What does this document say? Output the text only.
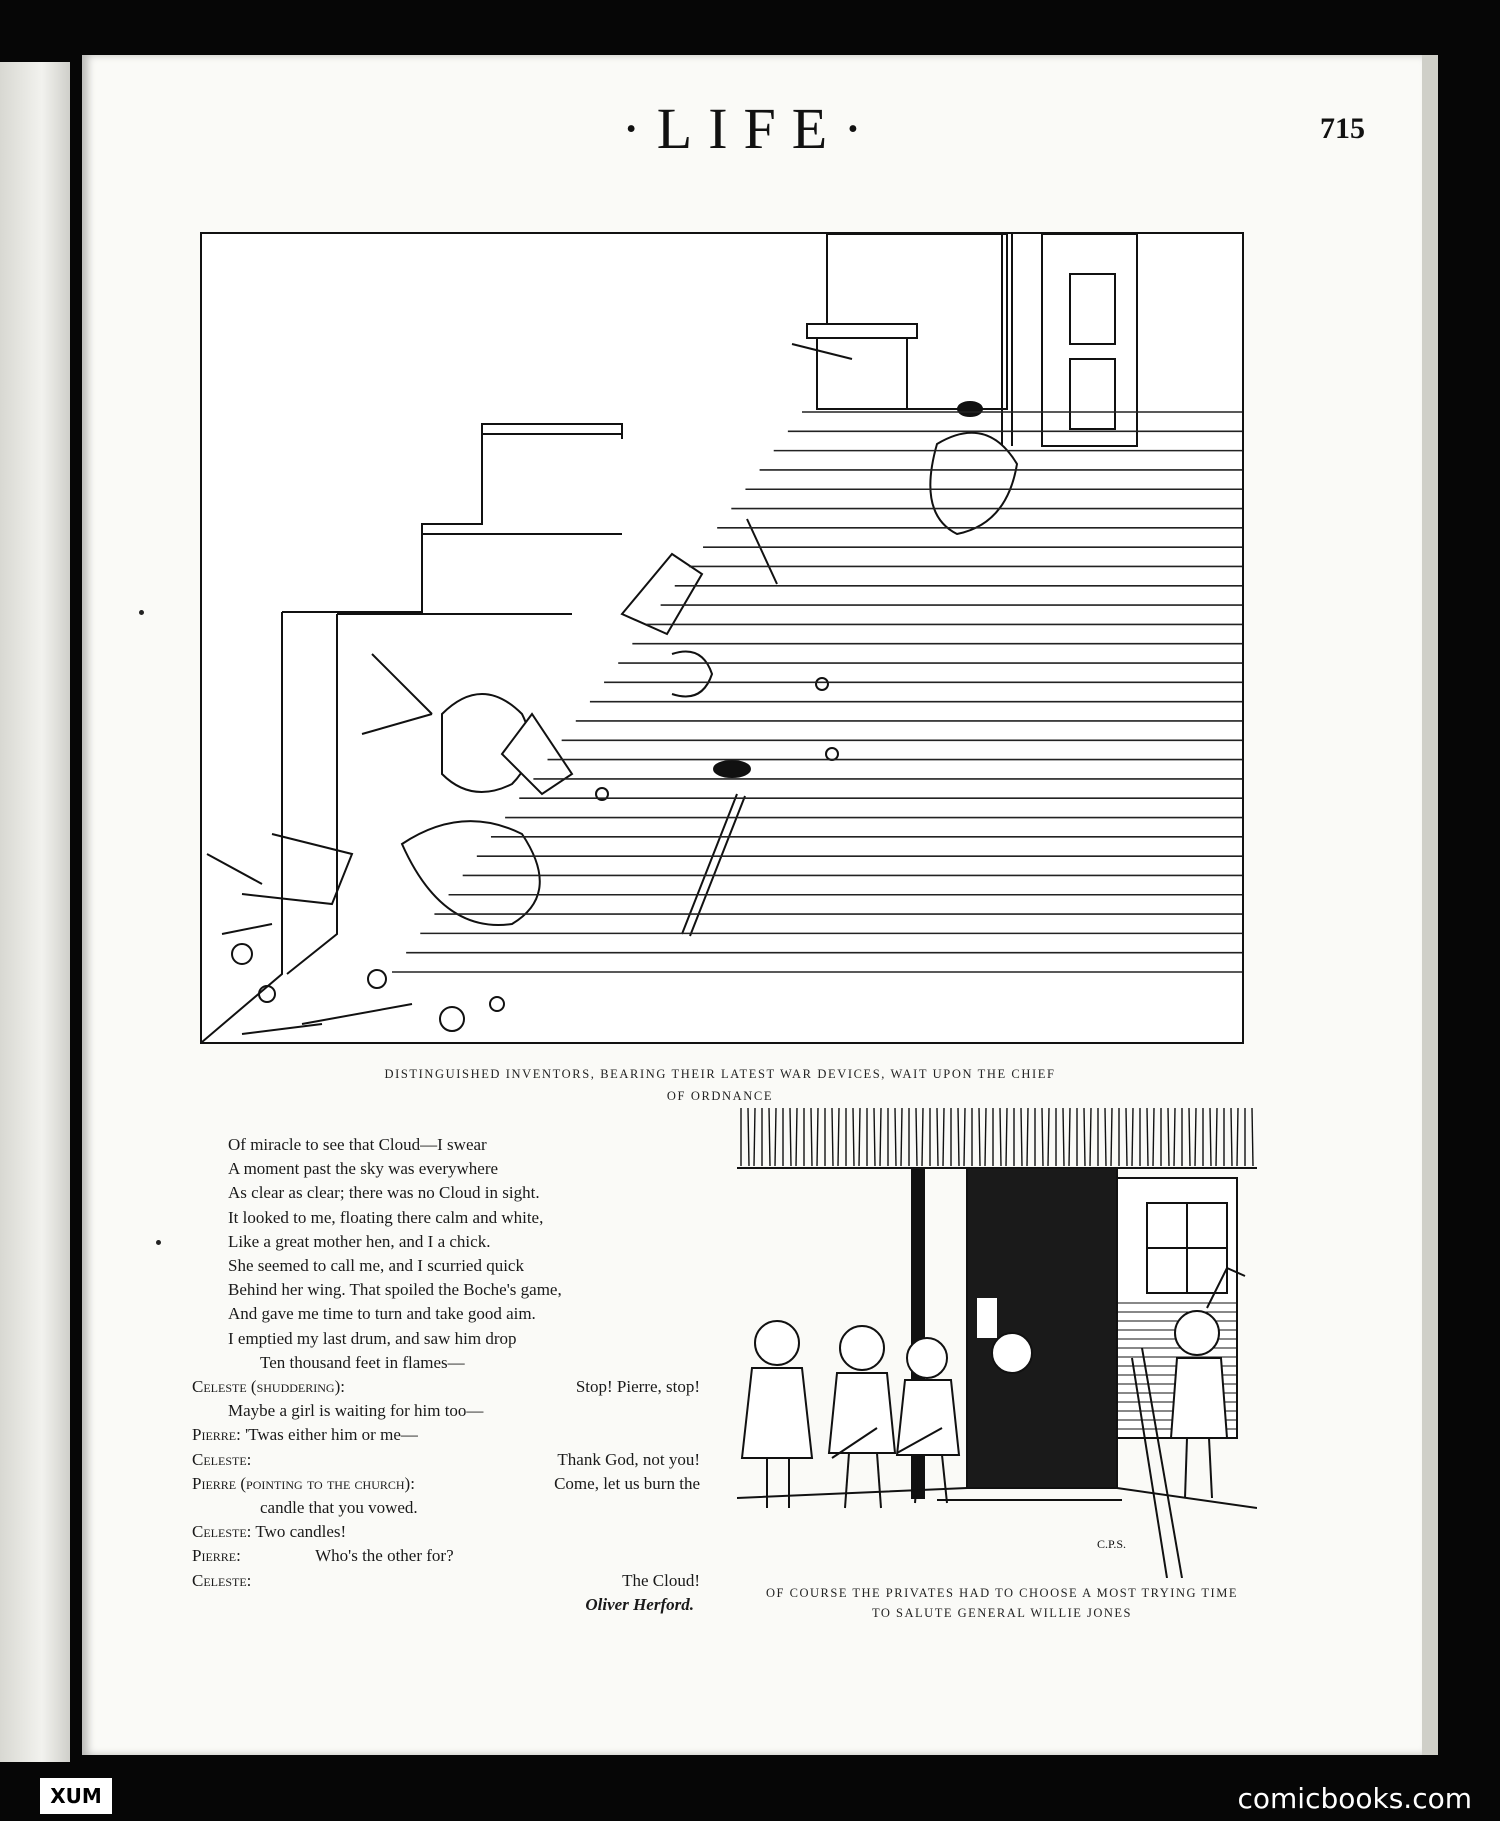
·LIFE·	715
DISTINGUISHED INVENTORS, BEARING THEIR LATEST WAR DEVICES, WAIT UPON THE CHIEF
OF ORDNANCE
Of miracle to see that Cloud—I swear
A moment past the sky was everywhere
As clear as clear; there was no Cloud in sight.
It looked to me, floating there calm and white,
Like a great mother hen, and I a chick.
She seemed to call me, and I scurried quick
Behind her wing. That spoiled the Boche's game,
And gave me time to turn and take good aim.
I emptied my last drum, and saw him drop
Ten thousand feet in flames—
Celeste (shuddering):	Stop! Pierre, stop!
Maybe a girl is waiting for him too—
Pierre: 'Twas either him or me—
Celeste:	Thank God, not you!
Pierre (pointing to the church):	Come, let us burn the
candle that you vowed.
Celeste: Two candles!
Pierre:	Who's the other for?
Celeste:	The Cloud!
Oliver Herford.
C.P.S.
OF COURSE THE PRIVATES HAD TO CHOOSE A MOST TRYING TIME
TO SALUTE GENERAL WILLIE JONES
XUM	comicbooks.com
